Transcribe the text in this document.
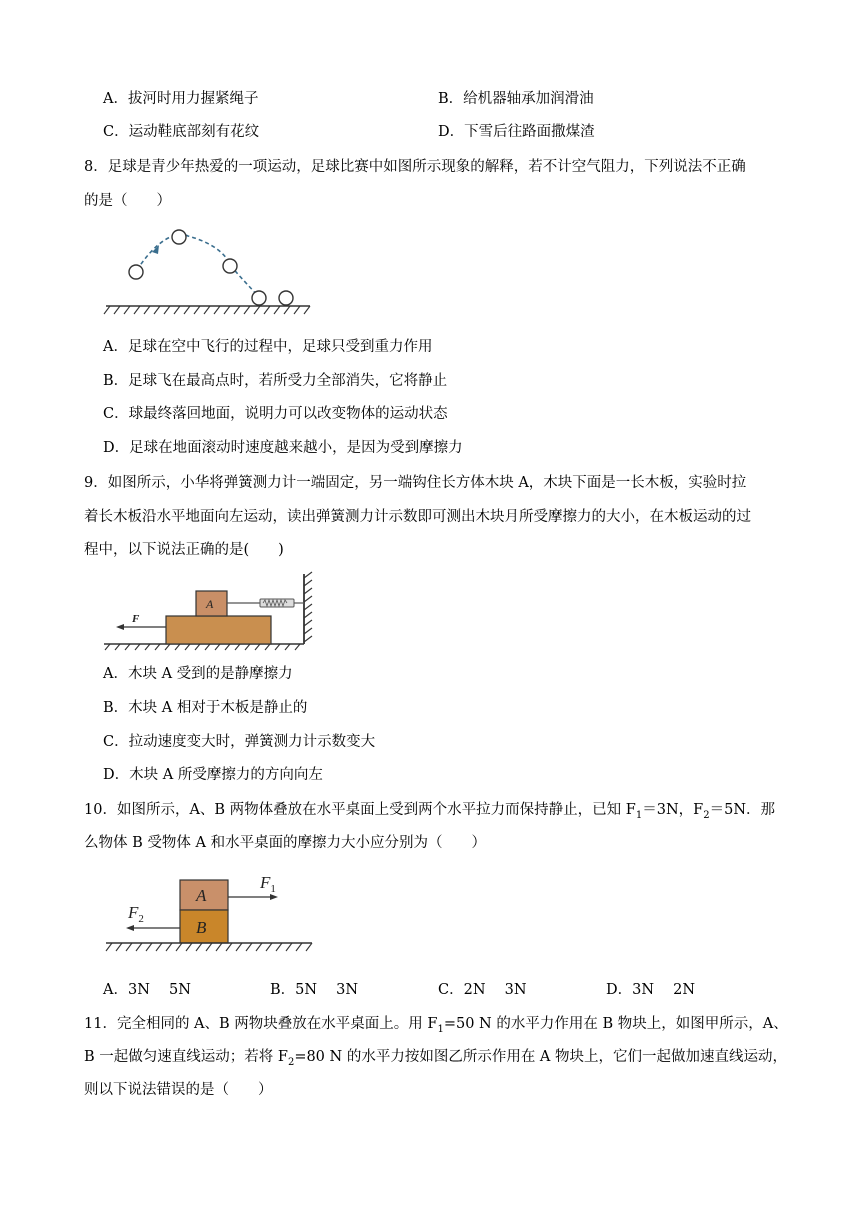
A．拔河时用力握紧绳子	B．给机器轴承加润滑油
C．运动鞋底部刻有花纹	D．下雪后往路面撒煤渣
8．足球是青少年热爱的一项运动，足球比赛中如图所示现象的解释，若不计空气阻力，下列说法不正确
的是（　　）
A．足球在空中飞行的过程中，足球只受到重力作用
B．足球飞在最高点时，若所受力全部消失，它将静止
C．球最终落回地面，说明力可以改变物体的运动状态
D．足球在地面滚动时速度越来越小，是因为受到摩擦力
9．如图所示，小华将弹簧测力计一端固定，另一端钩住长方体木块 A，木块下面是一长木板，实验时拉
着长木板沿水平地面向左运动，读出弹簧测力计示数即可测出木块月所受摩擦力的大小，在木板运动的过
程中，以下说法正确的是(　　)
A
F
A．木块 A 受到的是静摩擦力
B．木块 A 相对于木板是静止的
C．拉动速度变大时，弹簧测力计示数变大
D．木块 A 所受摩擦力的方向向左
10．如图所示，A、B 两物体叠放在水平桌面上受到两个水平拉力而保持静止，已知 $F_1=3N$，$F_2=5N$．那
么物体 B 受物体 A 和水平桌面的摩擦力大小应分别为（　　）
A
B
$F_1$
$F_2$
A．3N　 5N	B．5N　 3N	C．2N　 3N	D．3N　 2N
11．完全相同的 A、B 两物块叠放在水平桌面上。用 $F_1=50$ N 的水平力作用在 B 物块上，如图甲所示，A、
B 一起做匀速直线运动；若将 $F_2=80$ N 的水平力按如图乙所示作用在 A 物块上，它们一起做加速直线运动，
则以下说法错误的是（　　）
